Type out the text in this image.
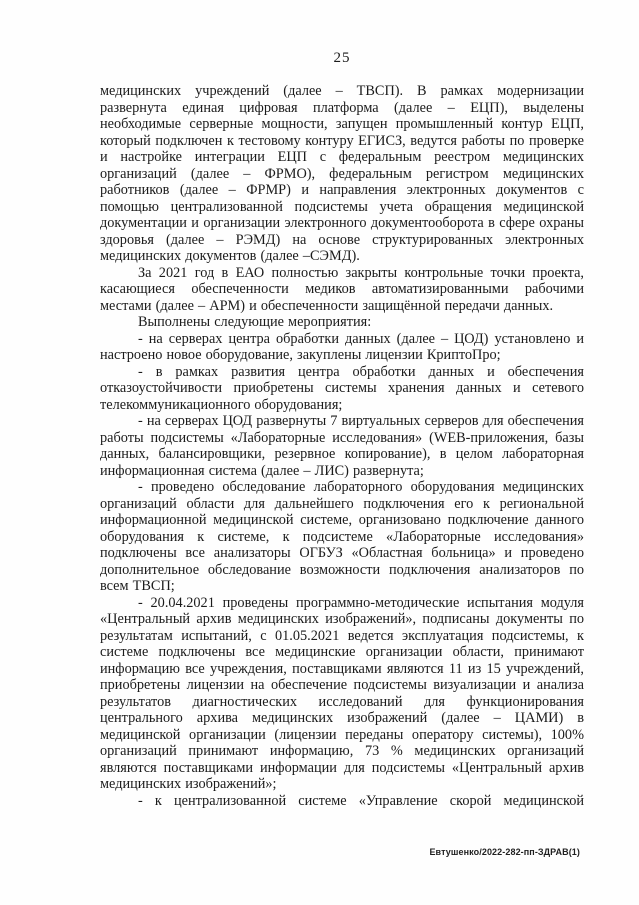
25

медицинских учреждений (далее – ТВСП). В рамках модернизации развернута единая цифровая платформа (далее – ЕЦП), выделены необходимые серверные мощности, запущен промышленный контур ЕЦП, который подключен к тестовому контуру ЕГИСЗ, ведутся работы по проверке и настройке интеграции ЕЦП с федеральным реестром медицинских организаций (далее – ФРМО), федеральным регистром медицинских работников (далее – ФРМР) и направления электронных документов с помощью централизованной подсистемы учета обращения медицинской документации и организации электронного документооборота в сфере охраны здоровья (далее – РЭМД) на основе структурированных электронных медицинских документов (далее –СЭМД).

За 2021 год в ЕАО полностью закрыты контрольные точки проекта, касающиеся обеспеченности медиков автоматизированными рабочими местами (далее – АРМ) и обеспеченности защищённой передачи данных.

Выполнены следующие мероприятия:

- на серверах центра обработки данных (далее – ЦОД) установлено и настроено новое оборудование, закуплены лицензии КриптоПро;

- в рамках развития центра обработки данных и обеспечения отказоустойчивости приобретены системы хранения данных и сетевого телекоммуникационного оборудования;

- на серверах ЦОД развернуты 7 виртуальных серверов для обеспечения работы подсистемы «Лабораторные исследования» (WEB-приложения, базы данных, балансировщики, резервное копирование), в целом лабораторная информационная система (далее – ЛИС) развернута;

- проведено обследование лабораторного оборудования медицинских организаций области для дальнейшего подключения его к региональной информационной медицинской системе, организовано подключение данного оборудования к системе, к подсистеме «Лабораторные исследования» подключены все анализаторы ОГБУЗ «Областная больница» и проведено дополнительное обследование возможности подключения анализаторов по всем ТВСП;

- 20.04.2021 проведены программно-методические испытания модуля «Центральный архив медицинских изображений», подписаны документы по результатам испытаний, с 01.05.2021 ведется эксплуатация подсистемы, к системе подключены все медицинские организации области, принимают информацию все учреждения, поставщиками являются 11 из 15 учреждений, приобретены лицензии на обеспечение подсистемы визуализации и анализа результатов диагностических исследований для функционирования центрального архива медицинских изображений (далее – ЦАМИ) в медицинской организации (лицензии переданы оператору системы), 100% организаций принимают информацию, 73 % медицинских организаций являются поставщиками информации для подсистемы «Центральный архив медицинских изображений»;

- к централизованной системе «Управление скорой медицинской

Евтушенко/2022-282-пп-ЗДРАВ(1)
